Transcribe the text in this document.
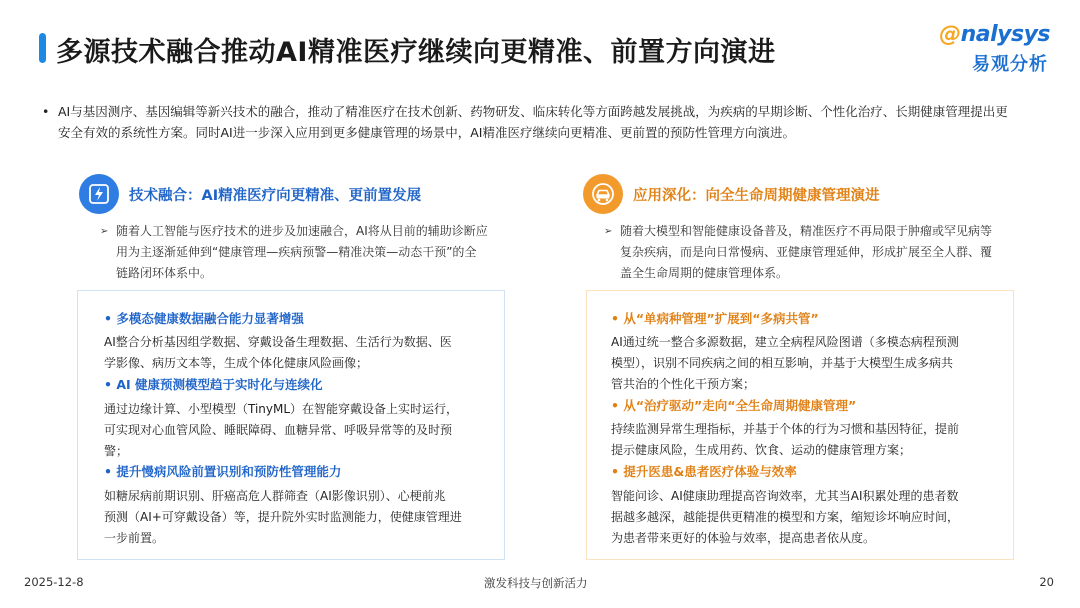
多源技术融合推动AI精准医疗继续向更精准、前置方向演进
@nalysys
易观分析
• AI与基因测序、基因编辑等新兴技术的融合，推动了精准医疗在技术创新、药物研发、临床转化等方面跨越发展挑战，为疾病的早期诊断、个性化治疗、长期健康管理提出更安全有效的系统性方案。同时AI进一步深入应用到更多健康管理的场景中，AI精准医疗继续向更精准、更前置的预防性管理方向演进。
技术融合：AI精准医疗向更精准、更前置发展
➢ 随着人工智能与医疗技术的进步及加速融合，AI将从目前的辅助诊断应
用为主逐渐延伸到“健康管理—疾病预警—精准决策—动态干预”的全
链路闭环体系中。
• 多模态健康数据融合能力显著增强
AI整合分析基因组学数据、穿戴设备生理数据、生活行为数据、医
学影像、病历文本等，生成个体化健康风险画像；
• AI 健康预测模型趋于实时化与连续化
通过边缘计算、小型模型（TinyML）在智能穿戴设备上实时运行，
可实现对心血管风险、睡眠障碍、血糖异常、呼吸异常等的及时预
警；
• 提升慢病风险前置识别和预防性管理能力
如糖尿病前期识别、肝癌高危人群筛查（AI影像识别）、心梗前兆
预测（AI+可穿戴设备）等，提升院外实时监测能力，使健康管理进
一步前置。
应用深化：向全生命周期健康管理演进
➢ 随着大模型和智能健康设备普及，精准医疗不再局限于肿瘤或罕见病等
复杂疾病，而是向日常慢病、亚健康管理延伸，形成扩展至全人群、覆
盖全生命周期的健康管理体系。
• 从“单病种管理”扩展到“多病共管”
AI通过统一整合多源数据，建立全病程风险图谱（多模态病程预测
模型），识别不同疾病之间的相互影响，并基于大模型生成多病共
管共治的个性化干预方案；
• 从“治疗驱动”走向“全生命周期健康管理”
持续监测异常生理指标，并基于个体的行为习惯和基因特征，提前
提示健康风险，生成用药、饮食、运动的健康管理方案；
• 提升医患&患者医疗体验与效率
智能问诊、AI健康助理提高咨询效率，尤其当AI积累处理的患者数
据越多越深，越能提供更精准的模型和方案，缩短诊坏响应时间，
为患者带来更好的体验与效率，提高患者依从度。
2025-12-8	激发科技与创新活力	20
